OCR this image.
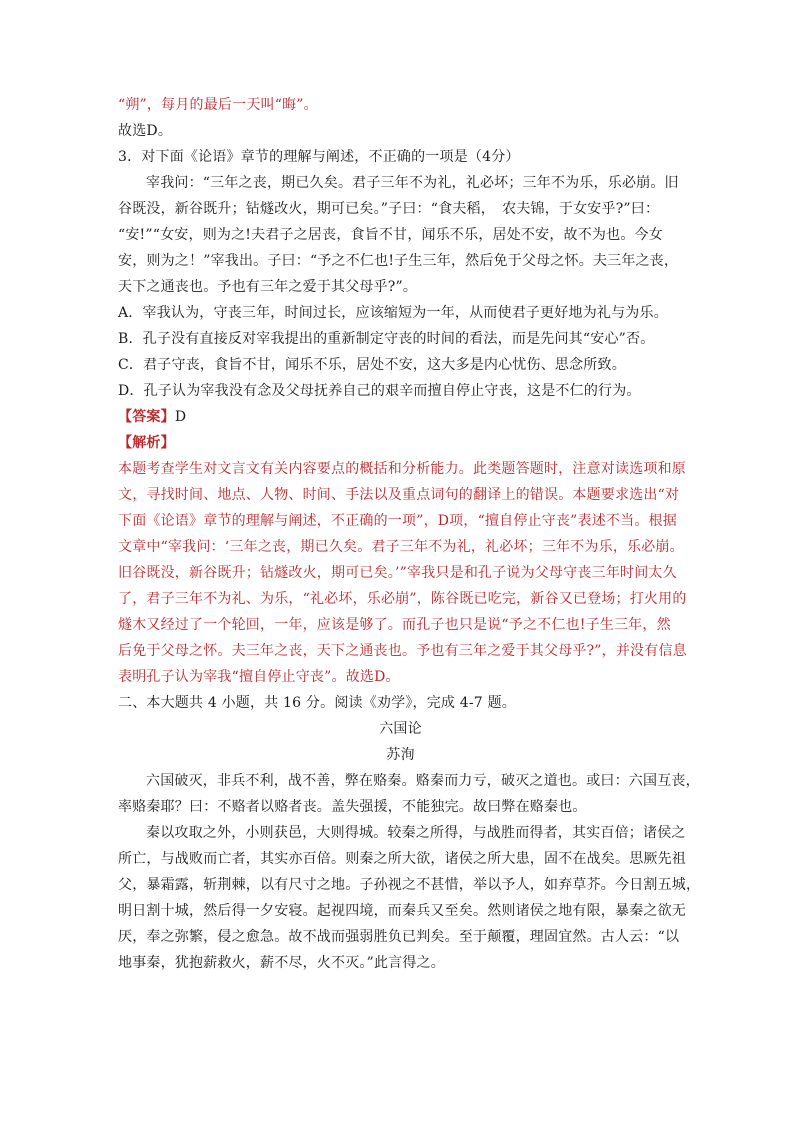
“朔”，每月的最后一天叫“晦”。
故选D。
3．对下面《论语》章节的理解与阐述，不正确的一项是（4分）
宰我问：“三年之丧，期已久矣。君子三年不为礼，礼必坏；三年不为乐，乐必崩。旧
谷既没，新谷既升；钻燧改火，期可已矣。”子曰：“食夫稻，　农夫锦，于女安乎?”曰：
“安!”“女安，则为之!夫君子之居丧，食旨不甘，闻乐不乐，居处不安，故不为也。今女
安，则为之！”宰我出。子曰：“予之不仁也!子生三年，然后免于父母之怀。夫三年之丧，
天下之通丧也。予也有三年之爱于其父母乎?”。
A．宰我认为，守丧三年，时间过长，应该缩短为一年，从而使君子更好地为礼与为乐。
B．孔子没有直接反对宰我提出的重新制定守丧的时间的看法，而是先问其“安心”否。
C．君子守丧，食旨不甘，闻乐不乐，居处不安，这大多是内心忧伤、思念所致。
D．孔子认为宰我没有念及父母抚养自己的艰辛而擅自停止守丧，这是不仁的行为。
【答案】D
【解析】
本题考查学生对文言文有关内容要点的概括和分析能力。此类题答题时，注意对读选项和原
文，寻找时间、地点、人物、时间、手法以及重点词句的翻译上的错误。本题要求选出“对
下面《论语》章节的理解与阐述，不正确的一项”，D项，“擅自停止守丧”表述不当。根据
文章中“宰我问：‘三年之丧，期已久矣。君子三年不为礼，礼必坏；三年不为乐，乐必崩。
旧谷既没，新谷既升；钻燧改火，期可已矣。’”宰我只是和孔子说为父母守丧三年时间太久
了，君子三年不为礼、为乐，“礼必坏，乐必崩”，陈谷既已吃完，新谷又已登场；打火用的
燧木又经过了一个轮回，一年，应该是够了。而孔子也只是说“予之不仁也!子生三年，然
后免于父母之怀。夫三年之丧，天下之通丧也。予也有三年之爱于其父母乎?”，并没有信息
表明孔子认为宰我“擅自停止守丧”。故选D。
二、本大题共 4 小题，共 16 分。阅读《劝学》，完成 4-7 题。
六国论
苏洵
六国破灭，非兵不利，战不善，弊在赂秦。赂秦而力亏，破灭之道也。或曰：六国互丧，
率赂秦耶？曰：不赂者以赂者丧。盖失强援，不能独完。故曰弊在赂秦也。
秦以攻取之外，小则获邑，大则得城。较秦之所得，与战胜而得者，其实百倍；诸侯之
所亡，与战败而亡者，其实亦百倍。则秦之所大欲，诸侯之所大患，固不在战矣。思厥先祖
父，暴霜露，斩荆棘，以有尺寸之地。子孙视之不甚惜，举以予人，如弃草芥。今日割五城，
明日割十城，然后得一夕安寝。起视四境，而秦兵又至矣。然则诸侯之地有限，暴秦之欲无
厌，奉之弥繁，侵之愈急。故不战而强弱胜负已判矣。至于颠覆，理固宜然。古人云：“以
地事秦，犹抱薪救火，薪不尽，火不灭。”此言得之。
